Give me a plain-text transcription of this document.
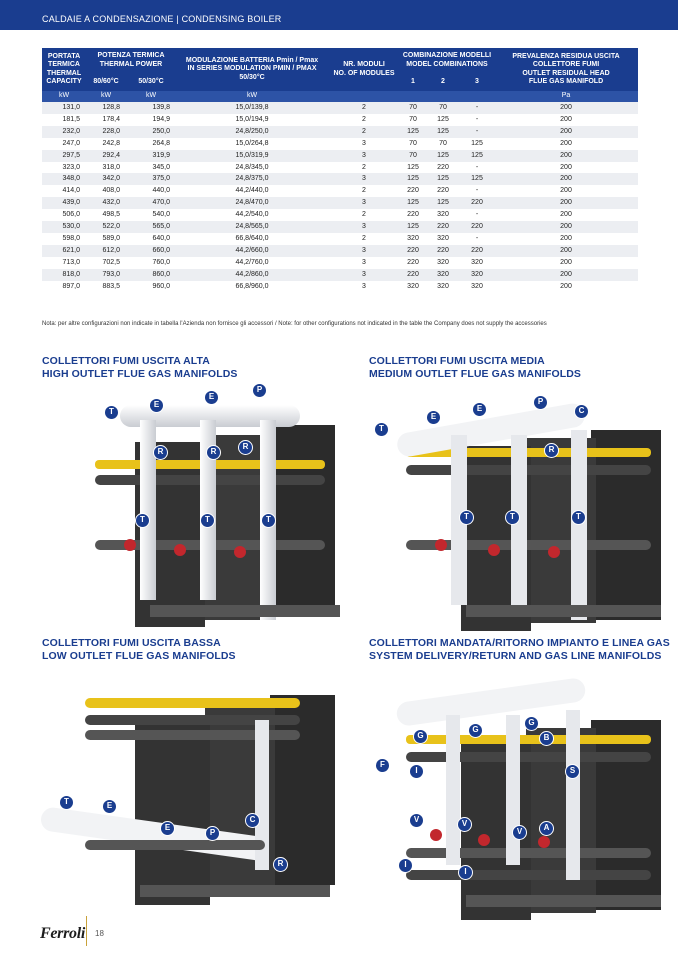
CALDAIE A CONDENSAZIONE | CONDENSING BOILER
PORTATA
TERMICA
THERMAL
CAPACITY	POTENZA TERMICA
THERMAL POWER		MODULAZIONE BATTERIA Pmin / Pmax
IN SERIES MODULATION PMIN / PMAX
50/30°C	NR. MODULI
NO. OF MODULES	COMBINAZIONE MODELLI
MODEL COMBINATIONS			PREVALENZA RESIDUA USCITA
COLLETTORE FUMI
OUTLET RESIDUAL HEAD
FLUE GAS MANIFOLD
	80/60°C	50/30°C			1	2	3	
kW	kW	kW	kW					Pa
131,0	128,8	139,8	15,0/139,8	2	70	70	-	200
181,5	178,4	194,9	15,0/194,9	2	70	125	-	200
232,0	228,0	250,0	24,8/250,0	2	125	125	-	200
247,0	242,8	264,8	15,0/264,8	3	70	70	125	200
297,5	292,4	319,9	15,0/319,9	3	70	125	125	200
323,0	318,0	345,0	24,8/345,0	2	125	220	-	200
348,0	342,0	375,0	24,8/375,0	3	125	125	125	200
414,0	408,0	440,0	44,2/440,0	2	220	220	-	200
439,0	432,0	470,0	24,8/470,0	3	125	125	220	200
506,0	498,5	540,0	44,2/540,0	2	220	320	-	200
530,0	522,0	565,0	24,8/565,0	3	125	220	220	200
598,0	589,0	640,0	66,8/640,0	2	320	320	-	200
621,0	612,0	660,0	44,2/660,0	3	220	220	220	200
713,0	702,5	760,0	44,2/760,0	3	220	320	320	200
818,0	793,0	860,0	44,2/860,0	3	220	320	320	200
897,0	883,5	960,0	66,8/960,0	3	320	320	320	200
Nota: per altre configurazioni non indicate in tabella l'Azienda non fornisce gli accessori / Note: for other configurations not indicated in the table the Company does not supply the accessories
COLLETTORI FUMI USCITA ALTA
HIGH OUTLET FLUE GAS MANIFOLDS
COLLETTORI FUMI USCITA MEDIA
MEDIUM OUTLET FLUE GAS MANIFOLDS
COLLETTORI FUMI USCITA BASSA
LOW OUTLET FLUE GAS MANIFOLDS
COLLETTORI MANDATA/RITORNO IMPIANTO E LINEA GAS
SYSTEM DELIVERY/RETURN AND GAS LINE MANIFOLDS
T
E
E
P
R	R
R
T	T	T
T
E
E
P
C
R
T	T	T
T	E
E
P
C
R
G
G
G
B
F
I	S
V	V
V	A
I
I
Ferroli 18
